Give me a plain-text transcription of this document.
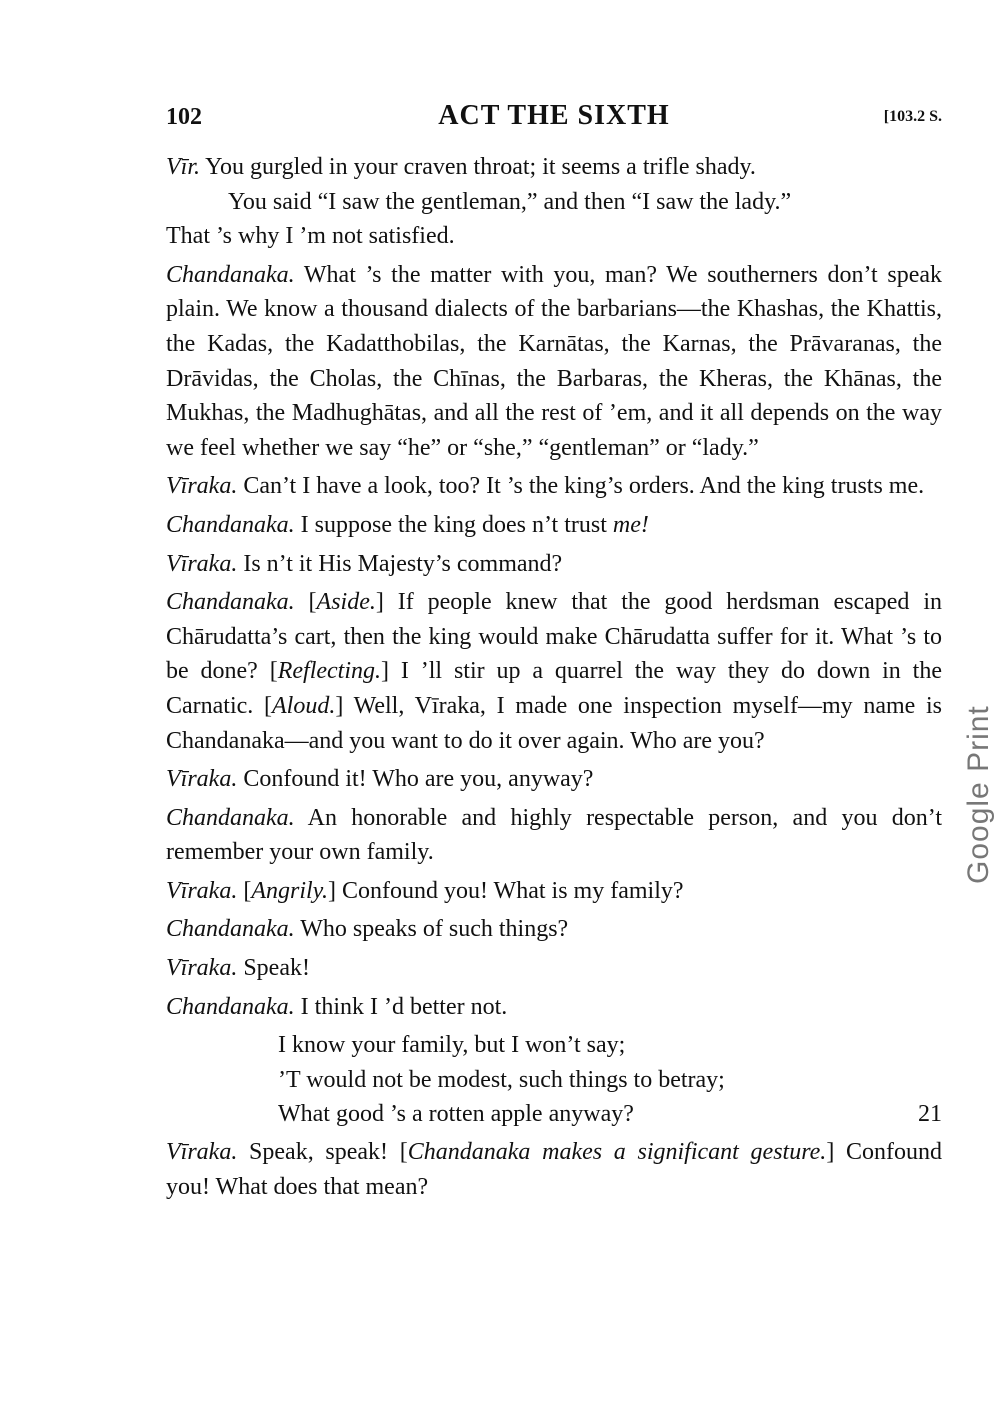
102	ACT THE SIXTH	[103.2 S.

Vīr. You gurgled in your craven throat; it seems a trifle shady.
You said “I saw the gentleman,” and then “I saw the lady.”
That ’s why I ’m not satisfied.

Chandanaka. What ’s the matter with you, man? We southerners don’t speak plain. We know a thousand dialects of the barbarians—the Khashas, the Khattis, the Kadas, the Kadatthobilas, the Karnātas, the Karnas, the Prāvaranas, the Drāvidas, the Cholas, the Chīnas, the Barbaras, the Kheras, the Khānas, the Mukhas, the Madhughātas, and all the rest of ’em, and it all depends on the way we feel whether we say “he” or “she,” “gentleman” or “lady.”

Vīraka. Can’t I have a look, too? It ’s the king’s orders. And the king trusts me.

Chandanaka. I suppose the king does n’t trust me!

Vīraka. Is n’t it His Majesty’s command?

Chandanaka. [Aside.] If people knew that the good herdsman escaped in Chārudatta’s cart, then the king would make Chārudatta suffer for it. What ’s to be done? [Reflecting.] I ’ll stir up a quarrel the way they do down in the Carnatic. [Aloud.] Well, Vīraka, I made one inspection myself—my name is Chandanaka—and you want to do it over again. Who are you?

Vīraka. Confound it! Who are you, anyway?

Chandanaka. An honorable and highly respectable person, and you don’t remember your own family.

Vīraka. [Angrily.] Confound you! What is my family?

Chandanaka. Who speaks of such things?

Vīraka. Speak!

Chandanaka. I think I ’d better not.

I know your family, but I won’t say;
’T would not be modest, such things to betray;
What good ’s a rotten apple anyway?	21

Vīraka. Speak, speak! [Chandanaka makes a significant gesture.] Confound you! What does that mean?

Google Print
